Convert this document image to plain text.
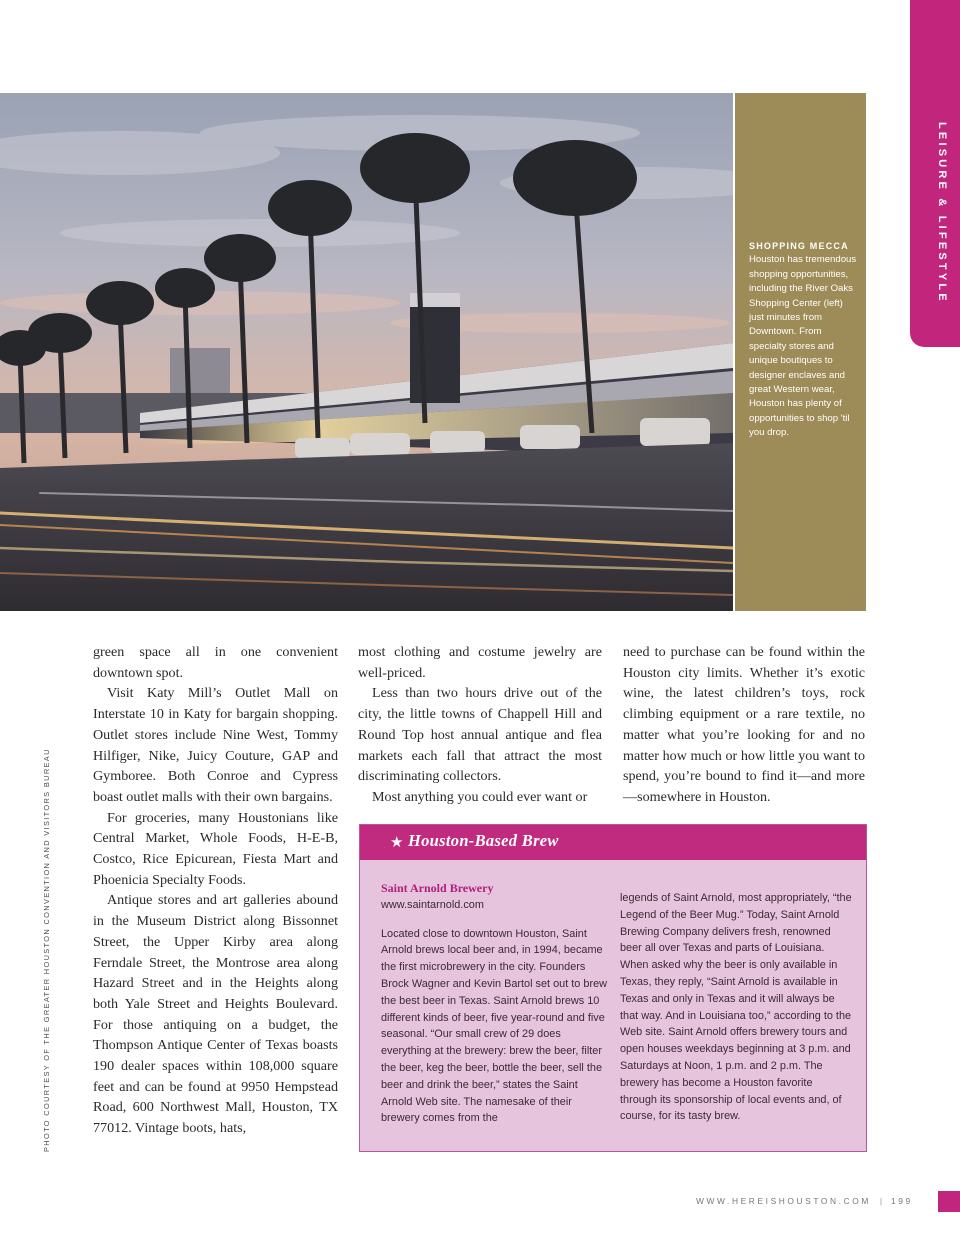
LEISURE & LIFESTYLE
SHOPPING MECCA
Houston has tremendous shopping opportunities, including the River Oaks Shopping Center (left) just minutes from Downtown. From specialty stores and unique boutiques to designer enclaves and great Western wear, Houston has plenty of opportunities to shop 'til you drop.
PHOTO COURTESY OF THE GREATER HOUSTON CONVENTION AND VISITORS BUREAU

green space all in one convenient downtown spot.

Visit Katy Mill’s Outlet Mall on Interstate 10 in Katy for bargain shopping. Outlet stores include Nine West, Tommy Hilfiger, Nike, Juicy Couture, GAP and Gymboree. Both Conroe and Cypress boast outlet malls with their own bargains.

For groceries, many Houstonians like Central Market, Whole Foods, H-E-B, Costco, Rice Epicurean, Fiesta Mart and Phoenicia Specialty Foods.

Antique stores and art galleries abound in the Museum District along Bissonnet Street, the Upper Kirby area along Ferndale Street, the Montrose area along Hazard Street and in the Heights along both Yale Street and Heights Boulevard. For those antiquing on a budget, the Thompson Antique Center of Texas boasts 190 dealer spaces within 108,000 square feet and can be found at 9950 Hempstead Road, 600 Northwest Mall, Houston, TX 77012. Vintage boots, hats,

most clothing and costume jewelry are well-priced.

Less than two hours drive out of the city, the little towns of Chappell Hill and Round Top host annual antique and flea markets each fall that attract the most discriminating collectors.

Most anything you could ever want or

need to purchase can be found within the Houston city limits. Whether it’s exotic wine, the latest children’s toys, rock climbing equipment or a rare textile, no matter what you’re looking for and no matter how much or how little you want to spend, you’re bound to find it—and more—somewhere in Houston.

★ Houston-Based Brew

Saint Arnold Brewery

www.saintarnold.com

Located close to downtown Houston, Saint Arnold brews local beer and, in 1994, became the first microbrewery in the city. Founders Brock Wagner and Kevin Bartol set out to brew the best beer in Texas. Saint Arnold brews 10 different kinds of beer, five year-round and five seasonal. “Our small crew of 29 does everything at the brewery: brew the beer, filter the beer, keg the beer, bottle the beer, sell the beer and drink the beer,” states the Saint Arnold Web site. The namesake of their brewery comes from the

legends of Saint Arnold, most appropriately, “the Legend of the Beer Mug.” Today, Saint Arnold Brewing Company delivers fresh, renowned beer all over Texas and parts of Louisiana. When asked why the beer is only available in Texas, they reply, “Saint Arnold is available in Texas and only in Texas and it will always be that way. And in Louisiana too,” according to the Web site. Saint Arnold offers brewery tours and open houses weekdays beginning at 3 p.m. and Saturdays at Noon, 1 p.m. and 2 p.m. The brewery has become a Houston favorite through its sponsorship of local events and, of course, for its tasty brew.

WWW.HEREISHOUSTON.COM | 199
